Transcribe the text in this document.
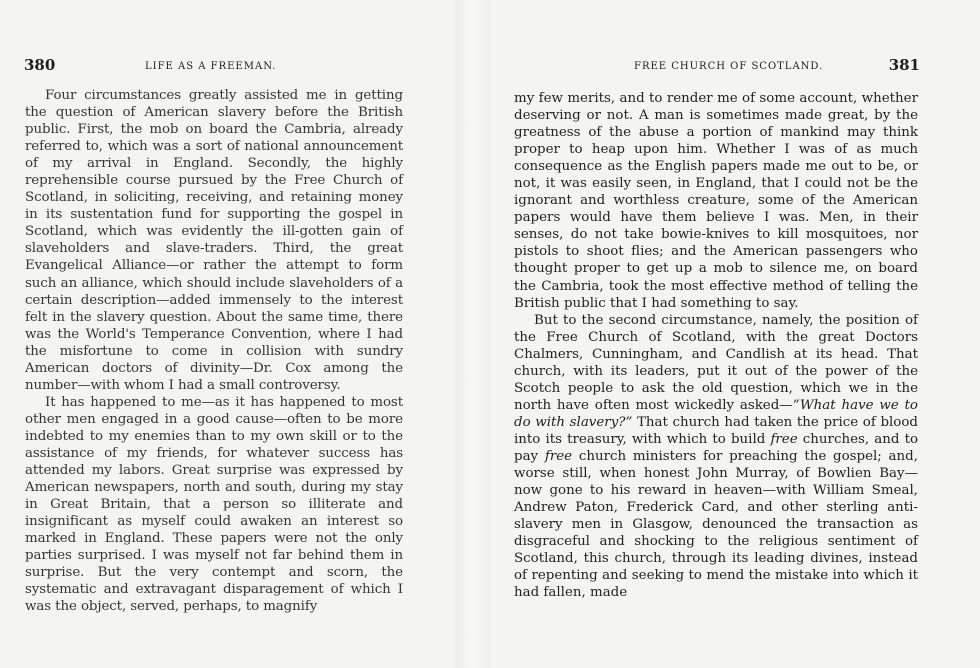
380	LIFE AS A FREEMAN.

Four circumstances greatly assisted me in getting the question of American slavery before the British public. First, the mob on board the Cambria, already referred to, which was a sort of national announcement of my arrival in England. Secondly, the highly reprehensible course pursued by the Free Church of Scotland, in soliciting, receiving, and retaining money in its sustentation fund for supporting the gospel in Scotland, which was evidently the ill-gotten gain of slaveholders and slave-traders. Third, the great Evangelical Alliance—or rather the attempt to form such an alliance, which should include slaveholders of a certain description—added immensely to the interest felt in the slavery question. About the same time, there was the World's Temperance Convention, where I had the misfortune to come in collision with sundry American doctors of divinity—Dr. Cox among the number—with whom I had a small controversy.

It has happened to me—as it has happened to most other men engaged in a good cause—often to be more indebted to my enemies than to my own skill or to the assistance of my friends, for whatever success has attended my labors. Great surprise was expressed by American newspapers, north and south, during my stay in Great Britain, that a person so illiterate and insignificant as myself could awaken an interest so marked in England. These papers were not the only parties surprised. I was myself not far behind them in surprise. But the very contempt and scorn, the systematic and extravagant disparagement of which I was the object, served, perhaps, to magnify

FREE CHURCH OF SCOTLAND.	381

my few merits, and to render me of some account, whether deserving or not. A man is sometimes made great, by the greatness of the abuse a portion of mankind may think proper to heap upon him. Whether I was of as much consequence as the English papers made me out to be, or not, it was easily seen, in England, that I could not be the ignorant and worthless creature, some of the American papers would have them believe I was. Men, in their senses, do not take bowie-knives to kill mosquitoes, nor pistols to shoot flies; and the American passengers who thought proper to get up a mob to silence me, on board the Cambria, took the most effective method of telling the British public that I had something to say.

But to the second circumstance, namely, the position of the Free Church of Scotland, with the great Doctors Chalmers, Cunningham, and Candlish at its head. That church, with its leaders, put it out of the power of the Scotch people to ask the old question, which we in the north have often most wickedly asked—“What have we to do with slavery?” That church had taken the price of blood into its treasury, with which to build free churches, and to pay free church ministers for preaching the gospel; and, worse still, when honest John Murray, of Bowlien Bay—now gone to his reward in heaven—with William Smeal, Andrew Paton, Frederick Card, and other sterling anti-slavery men in Glasgow, denounced the transaction as disgraceful and shocking to the religious sentiment of Scotland, this church, through its leading divines, instead of repenting and seeking to mend the mistake into which it had fallen, made
